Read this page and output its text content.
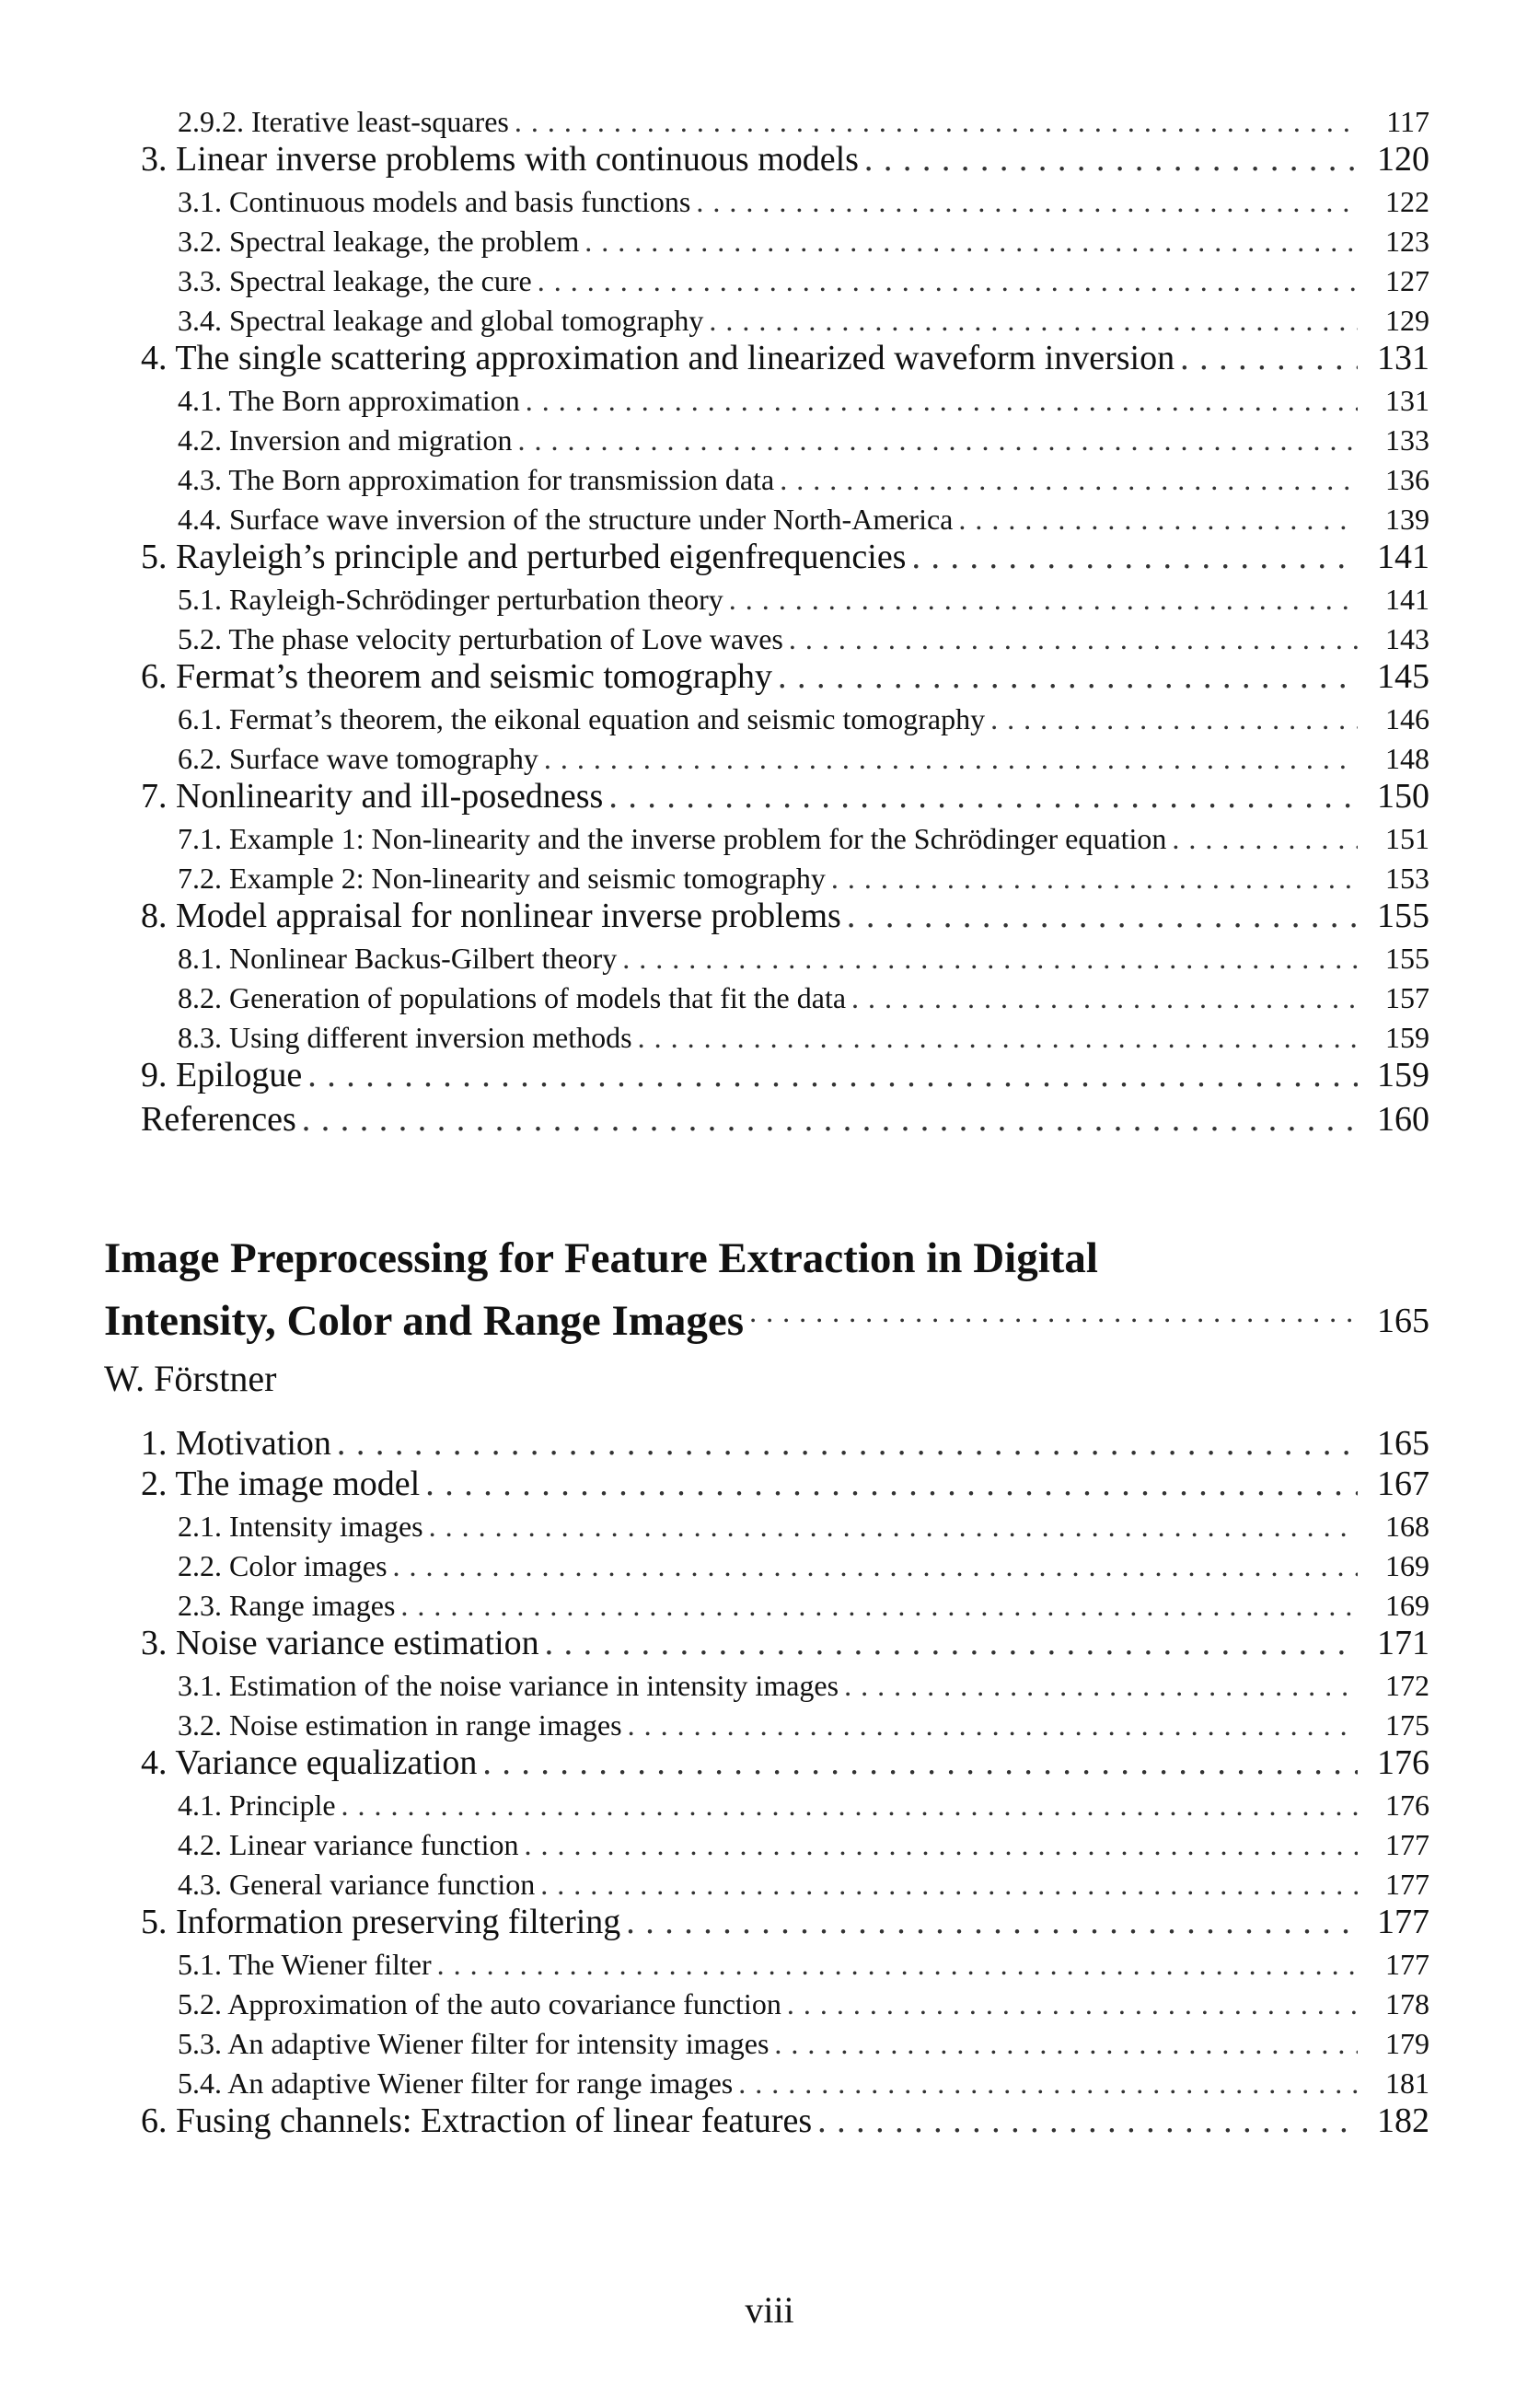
2.9.2. Iterative least-squares . . .	117
3. Linear inverse problems with continuous models . . .	120
3.1. Continuous models and basis functions . . .	122
3.2. Spectral leakage, the problem . . .	123
3.3. Spectral leakage, the cure . . .	127
3.4. Spectral leakage and global tomography . . .	129
4. The single scattering approximation and linearized waveform inversion . . .	131
4.1. The Born approximation . . .	131
4.2. Inversion and migration . . .	133
4.3. The Born approximation for transmission data . . .	136
4.4. Surface wave inversion of the structure under North-America . . .	139
5. Rayleigh’s principle and perturbed eigenfrequencies . . .	141
5.1. Rayleigh-Schrödinger perturbation theory . . .	141
5.2. The phase velocity perturbation of Love waves . . .	143
6. Fermat’s theorem and seismic tomography . . .	145
6.1. Fermat’s theorem, the eikonal equation and seismic tomography . . .	146
6.2. Surface wave tomography . . .	148
7. Nonlinearity and ill-posedness . . .	150
7.1. Example 1: Non-linearity and the inverse problem for the Schrödinger equation . . .	151
7.2. Example 2: Non-linearity and seismic tomography . . .	153
8. Model appraisal for nonlinear inverse problems . . .	155
8.1. Nonlinear Backus-Gilbert theory . . .	155
8.2. Generation of populations of models that fit the data . . .	157
8.3. Using different inversion methods . . .	159
9. Epilogue . . .	159
References . . .	160
Image Preprocessing for Feature Extraction in Digital
Intensity, Color and Range Images . . .	165
W. Förstner
1. Motivation . . .	165
2. The image model . . .	167
2.1. Intensity images . . .	168
2.2. Color images . . .	169
2.3. Range images . . .	169
3. Noise variance estimation . . .	171
3.1. Estimation of the noise variance in intensity images . . .	172
3.2. Noise estimation in range images . . .	175
4. Variance equalization . . .	176
4.1. Principle . . .	176
4.2. Linear variance function . . .	177
4.3. General variance function . . .	177
5. Information preserving filtering . . .	177
5.1. The Wiener filter . . .	177
5.2. Approximation of the auto covariance function . . .	178
5.3. An adaptive Wiener filter for intensity images . . .	179
5.4. An adaptive Wiener filter for range images . . .	181
6. Fusing channels: Extraction of linear features . . .	182
viii
